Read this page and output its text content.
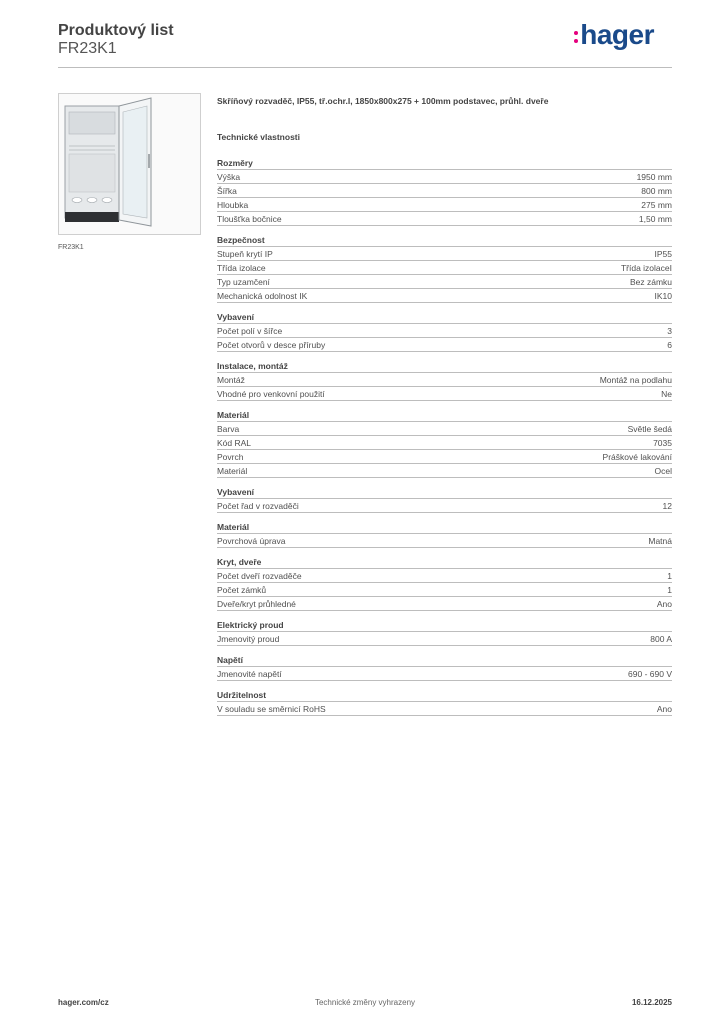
Produktový list
FR23K1	hager
FR23K1
Skříňový rozvaděč, IP55, tř.ochr.I, 1850x800x275 + 100mm podstavec, průhl. dveře
Technické vlastnosti
Rozměry
Výška	1950 mm
Šířka	800 mm
Hloubka	275 mm
Tloušťka bočnice	1,50 mm
Bezpečnost
Stupeň krytí IP	IP55
Třída izolace	Třída izolaceI
Typ uzamčení	Bez zámku
Mechanická odolnost IK	IK10
Vybavení
Počet polí v šířce	3
Počet otvorů v desce příruby	6
Instalace, montáž
Montáž	Montáž na podlahu
Vhodné pro venkovní použití	Ne
Materiál
Barva	Světle šedá
Kód RAL	7035
Povrch	Práškové lakování
Materiál	Ocel
Vybavení
Počet řad v rozvaděči	12
Materiál
Povrchová úprava	Matná
Kryt, dveře
Počet dveří rozvaděče	1
Počet zámků	1
Dveře/kryt průhledné	Ano
Elektrický proud
Jmenovitý proud	800 A
Napětí
Jmenovité napětí	690 - 690 V
Udržitelnost
V souladu se směrnicí RoHS	Ano
hager.com/cz	Technické změny vyhrazeny	16.12.2025
